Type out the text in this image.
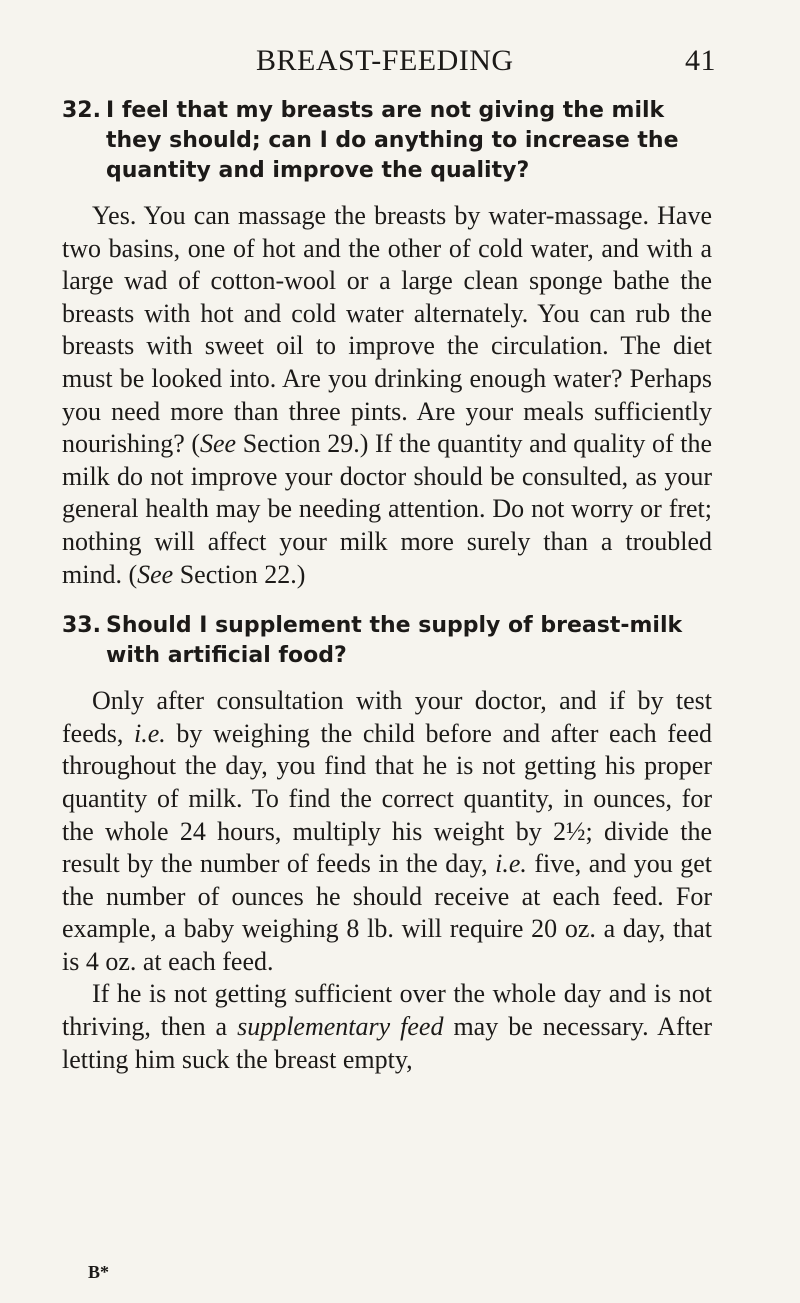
BREAST-FEEDING	41

32. I feel that my breasts are not giving the milk they should; can I do anything to increase the quantity and improve the quality?

Yes. You can massage the breasts by water-massage. Have two basins, one of hot and the other of cold water, and with a large wad of cotton-wool or a large clean sponge bathe the breasts with hot and cold water alternately. You can rub the breasts with sweet oil to improve the circulation. The diet must be looked into. Are you drinking enough water? Perhaps you need more than three pints. Are your meals sufficiently nourishing? (See Section 29.) If the quantity and quality of the milk do not improve your doctor should be consulted, as your general health may be needing attention. Do not worry or fret; nothing will affect your milk more surely than a troubled mind. (See Section 22.)

33. Should I supplement the supply of breast-milk with artificial food?

Only after consultation with your doctor, and if by test feeds, i.e. by weighing the child before and after each feed throughout the day, you find that he is not getting his proper quantity of milk. To find the correct quantity, in ounces, for the whole 24 hours, multiply his weight by 2½; divide the result by the number of feeds in the day, i.e. five, and you get the number of ounces he should receive at each feed. For example, a baby weighing 8 lb. will require 20 oz. a day, that is 4 oz. at each feed.

If he is not getting sufficient over the whole day and is not thriving, then a supplementary feed may be necessary. After letting him suck the breast empty,

B*
